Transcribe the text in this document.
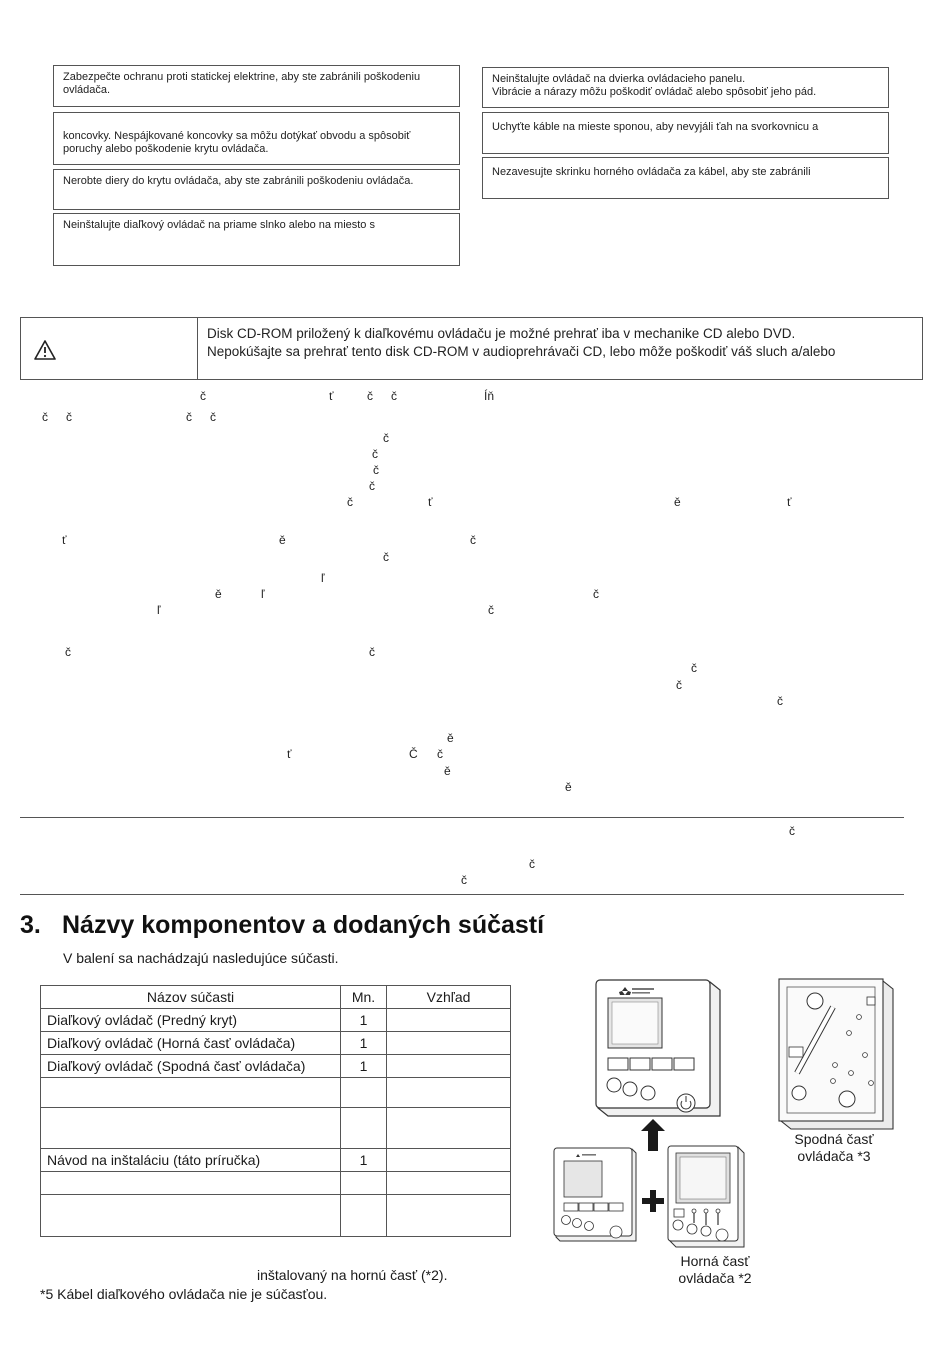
Zabezpečte ochranu proti statickej elektrine, aby ste zabránili poškodeniu ovládača.
koncovky. Nespájkované koncovky sa môžu dotýkať obvodu a spôsobiť poruchy alebo poškodenie krytu ovládača.
Nerobte diery do krytu ovládača, aby ste zabránili poškodeniu ovládača.
Neinštalujte diaľkový ovládač na priame slnko alebo na miesto s
Neinštalujte ovládač na dvierka ovládacieho panelu.
Vibrácie a nárazy môžu poškodiť ovládač alebo spôsobiť jeho pád.
Uchyťte káble na mieste sponou, aby nevyjáli ťah na svorkovnicu a
Nezavesujte skrinku horného ovládača za kábel, aby ste zabránili
Disk CD-ROM priložený k diaľkovému ovládaču je možné prehrať iba v mechanike CD alebo DVD.
Nepokúšajte sa prehrať tento disk CD-ROM v audioprehrávači CD, lebo môže poškodiť váš sluch a/alebo
č	ť	č č	Íň
č č	č č
č
č
č
č
č	ť	ě	ť
ť	ě	č
č
ľ
ě	ľ	č
ľ	č
č	č
č
č
č
ě
ť	Č č
ě
ě
č
č
č
3. Názvy komponentov a dodaných súčastí
V balení sa nachádzajú nasledujúce súčasti.
Názov súčasti	Mn.	Vzhľad
Diaľkový ovládač (Predný kryt)	1	
Diaľkový ovládač (Horná časť ovládača)	1	
Diaľkový ovládač (Spodná časť ovládača)	1	

Návod na inštaláciu (táto príručka)	1	

inštalovaný na hornú časť (*2).
*5 Kábel diaľkového ovládača nie je súčasťou.
Spodná časť
ovládača *3
Horná časť
ovládača *2
